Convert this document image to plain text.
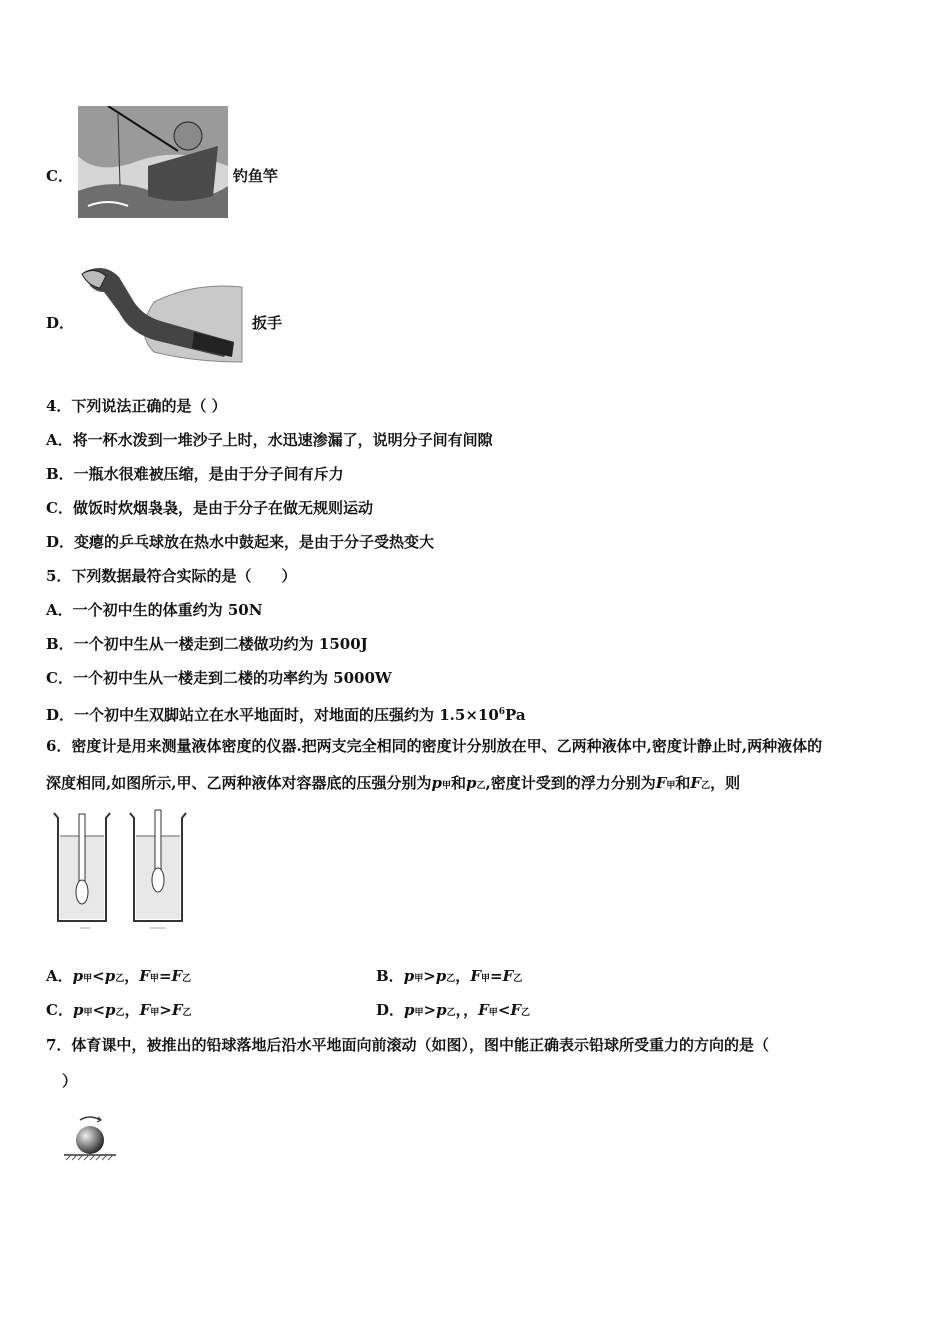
C．	钓鱼竿
D．	扳手
4．下列说法正确的是（ ）
A．将一杯水泼到一堆沙子上时，水迅速渗漏了，说明分子间有间隙
B．一瓶水很难被压缩，是由于分子间有斥力
C．做饭时炊烟袅袅，是由于分子在做无规则运动
D．变瘪的乒乓球放在热水中鼓起来，是由于分子受热变大
5．下列数据最符合实际的是（　　）
A．一个初中生的体重约为 50N
B．一个初中生从一楼走到二楼做功约为 1500J
C．一个初中生从一楼走到二楼的功率约为 5000W
D．一个初中生双脚站立在水平地面时，对地面的压强约为 $1.5\times 10^6Pa$
6．密度计是用来测量液体密度的仪器.把两支完全相同的密度计分别放在甲、乙两种液体中,密度计静止时,两种液体的
深度相同,如图所示,甲、乙两种液体对容器底的压强分别为p甲和p乙,密度计受到的浮力分别为F甲和F乙，则
A．p甲<p乙，F甲=F乙	B．p甲>p乙，F甲=F乙
C．p甲<p乙，F甲>F乙	D．p甲>p乙，，F甲<F乙
7．体育课中，被推出的铅球落地后沿水平地面向前滚动（如图），图中能正确表示铅球所受重力的方向的是（
）
